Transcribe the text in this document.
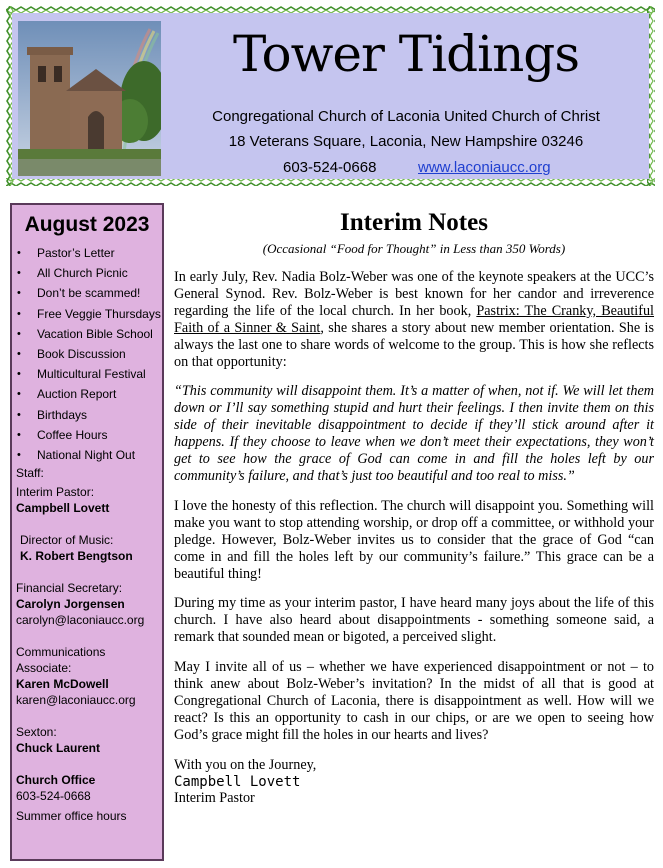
Tower Tidings
Congregational Church of Laconia United Church of Christ
18 Veterans Square, Laconia, New Hampshire 03246
603-524-0668	www.laconiaucc.org
August 2023
• Pastor’s Letter
• All Church Picnic
• Don’t be scammed!
• Free Veggie Thursdays
• Vacation Bible School
• Book Discussion
• Multicultural Festival
• Auction Report
• Birthdays
• Coffee Hours
• National Night Out
Staff:
Interim Pastor:
Campbell Lovett
Director of Music:
K. Robert Bengtson
Financial Secretary:
Carolyn Jorgensen
carolyn@laconiaucc.org
Communications
Associate:
Karen McDowell
karen@laconiaucc.org
Sexton:
Chuck Laurent
Church Office
603-524-0668
Summer office hours
Interim Notes

(Occasional “Food for Thought” in Less than 350 Words)

In early July, Rev. Nadia Bolz-Weber was one of the keynote speakers at the UCC’s General Synod. Rev. Bolz-Weber is best known for her candor and irreverence regarding the life of the local church. In her book, Pastrix: The Cranky, Beautiful Faith of a Sinner & Saint, she shares a story about new member orientation. She is always the last one to share words of welcome to the group. This is how she reflects on that opportunity:

“This community will disappoint them. It’s a matter of when, not if. We will let them down or I’ll say something stupid and hurt their feelings. I then invite them on this side of their inevitable disappointment to decide if they’ll stick around after it happens. If they choose to leave when we don’t meet their expectations, they won’t get to see how the grace of God can come in and fill the holes left by our community’s failure, and that’s just too beautiful and too real to miss.”

I love the honesty of this reflection. The church will disappoint you. Something will make you want to stop attending worship, or drop off a committee, or withhold your pledge. However, Bolz-Weber invites us to consider that the grace of God “can come in and fill the holes left by our community’s failure.” This grace can be a beautiful thing!

During my time as your interim pastor, I have heard many joys about the life of this church. I have also heard about disappointments - something someone said, a remark that sounded mean or bigoted, a perceived slight.

May I invite all of us – whether we have experienced disappointment or not – to think anew about Bolz-Weber’s invitation? In the midst of all that is good at Congregational Church of Laconia, there is disappointment as well. How will we react? Is this an opportunity to cash in our chips, or are we open to seeing how God’s grace might fill the holes in our hearts and lives?

With you on the Journey,
Campbell Lovett
Interim Pastor
